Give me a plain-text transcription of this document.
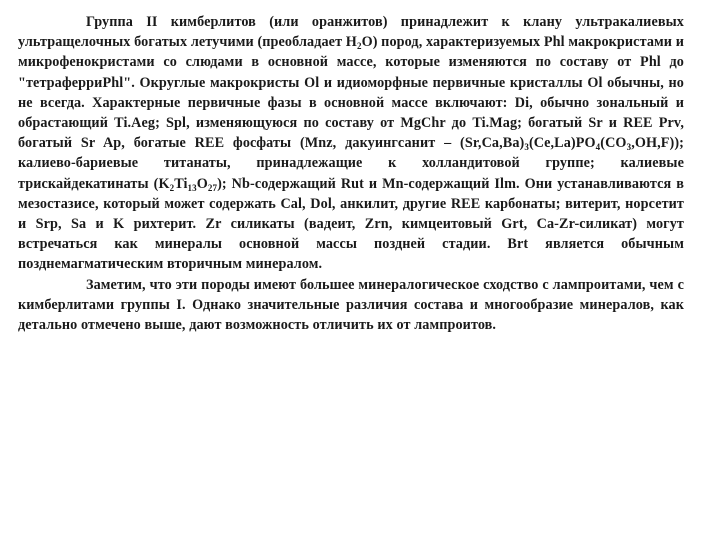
Группа II кимберлитов (или оранжитов) принадлежит к клану ультракалиевых ультращелочных богатых летучими (преобладает $H_2O$) пород, характеризуемых Phl макрокристами и микрофенокристами со слюдами в основной массе, которые изменяются по составу от Phl до "тетраферриPhl". Округлые макрокристы Ol и идиоморфные первичные кристаллы Ol обычны, но не всегда. Характерные первичные фазы в основной массе включают: Di, обычно зональный и обрастающий Ti.Aeg; Spl, изменяющуюся по составу от MgChr до Ti.Mag; богатый Sr и REE Prv, богатый Sr Ap, богатые REE фосфаты (Mnz, дакуингсанит – $(Sr,Ca,Ba)_3(Ce,La)PO_4(CO_3,OH,F)$); калиево-бариевые титанаты, принадлежащие к холландитовой группе; калиевые трискайдекатинаты $(K_2Ti_{13}O_{27})$; Nb-содержащий Rut и Mn-содержащий Ilm. Они устанавливаются в мезостазисе, который может содержать Cal, Dol, анкилит, другие REE карбонаты; витерит, норсетит и Srp, Sa и K рихтерит. Zr силикаты (вадеит, Zrn, кимцеитовый Grt, Ca-Zr-силикат) могут встречаться как минералы основной массы поздней стадии. Brt является обычным позднемагматическим вторичным минералом.

Заметим, что эти породы имеют большее минералогическое сходство с лампроитами, чем с кимберлитами группы I. Однако значительные различия состава и многообразие минералов, как детально отмечено выше, дают возможность отличить их от лампроитов.
